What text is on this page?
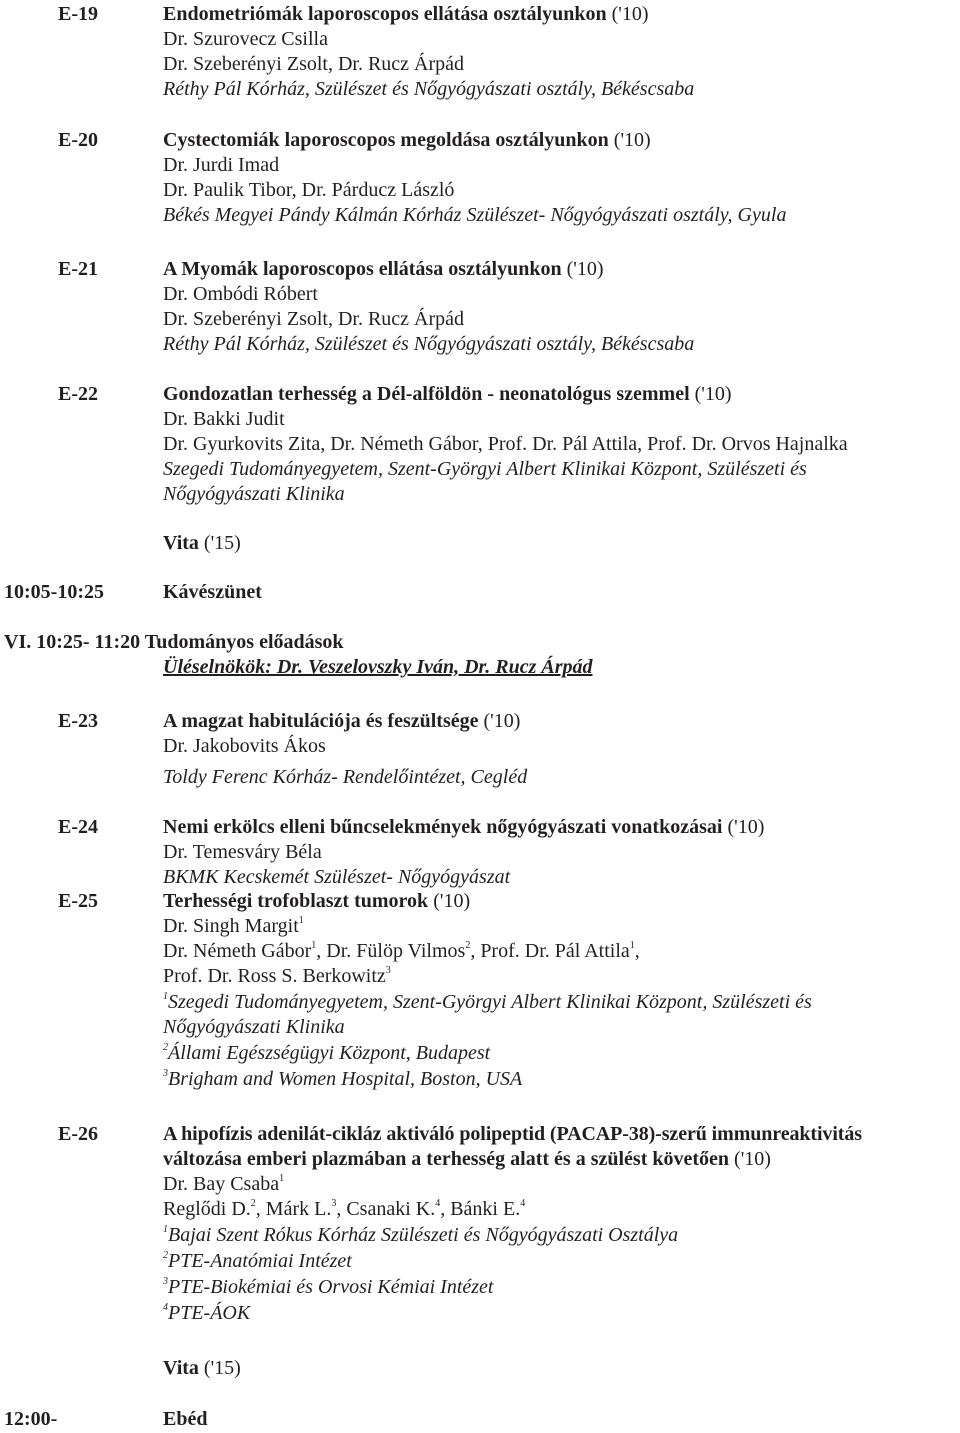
E-19	Endometriómák laporoscopos ellátása osztályunkon ('10)
Dr. Szurovecz Csilla
Dr. Szeberényi Zsolt, Dr. Rucz Árpád
Réthy Pál Kórház, Szülészet és Nőgyógyászati osztály, Békéscsaba
E-20	Cystectomiák laporoscopos megoldása osztályunkon ('10)
Dr. Jurdi Imad
Dr. Paulik Tibor, Dr. Párducz László
Békés Megyei Pándy Kálmán Kórház Szülészet- Nőgyógyászati osztály, Gyula
E-21	A Myomák laporoscopos ellátása osztályunkon ('10)
Dr. Ombódi Róbert
Dr. Szeberényi Zsolt, Dr. Rucz Árpád
Réthy Pál Kórház, Szülészet és Nőgyógyászati osztály, Békéscsaba
E-22	Gondozatlan terhesség a Dél-alföldön - neonatológus szemmel ('10)
Dr. Bakki Judit
Dr. Gyurkovits Zita, Dr. Németh Gábor, Prof. Dr. Pál Attila, Prof. Dr. Orvos Hajnalka
Szegedi Tudományegyetem, Szent-Györgyi Albert Klinikai Központ, Szülészeti és
Nőgyógyászati Klinika
Vita ('15)
10:05-10:25	Kávészünet
VI. 10:25- 11:20 Tudományos előadások
Üléselnökök: Dr. Veszelovszky Iván, Dr. Rucz Árpád
E-23	A magzat habitulációja és feszültsége ('10)
Dr. Jakobovits Ákos
Toldy Ferenc Kórház- Rendelőintézet, Cegléd
E-24	Nemi erkölcs elleni bűncselekmények nőgyógyászati vonatkozásai ('10)
Dr. Temesváry Béla
BKMK Kecskemét Szülészet- Nőgyógyászat
E-25	Terhességi trofoblaszt tumorok ('10)
Dr. Singh Margit$^1$
Dr. Németh Gábor$^1$, Dr. Fülöp Vilmos$^2$, Prof. Dr. Pál Attila$^1$,
Prof. Dr. Ross S. Berkowitz$^3$
$^1$Szegedi Tudományegyetem, Szent-Györgyi Albert Klinikai Központ, Szülészeti és
Nőgyógyászati Klinika
$^2$Állami Egészségügyi Központ, Budapest
$^3$Brigham and Women Hospital, Boston, USA
E-26	A hipofízis adenilát-cikláz aktiváló polipeptid (PACAP-38)-szerű immunreaktivitás
változása emberi plazmában a terhesség alatt és a szülést követően ('10)
Dr. Bay Csaba$^1$
Reglődi D.$^2$, Márk L.$^3$, Csanaki K.$^4$, Bánki E.$^4$
$^1$Bajai Szent Rókus Kórház Szülészeti és Nőgyógyászati Osztálya
$^2$PTE-Anatómiai Intézet
$^3$PTE-Biokémiai és Orvosi Kémiai Intézet
$^4$PTE-ÁOK
Vita ('15)
12:00-	Ebéd
